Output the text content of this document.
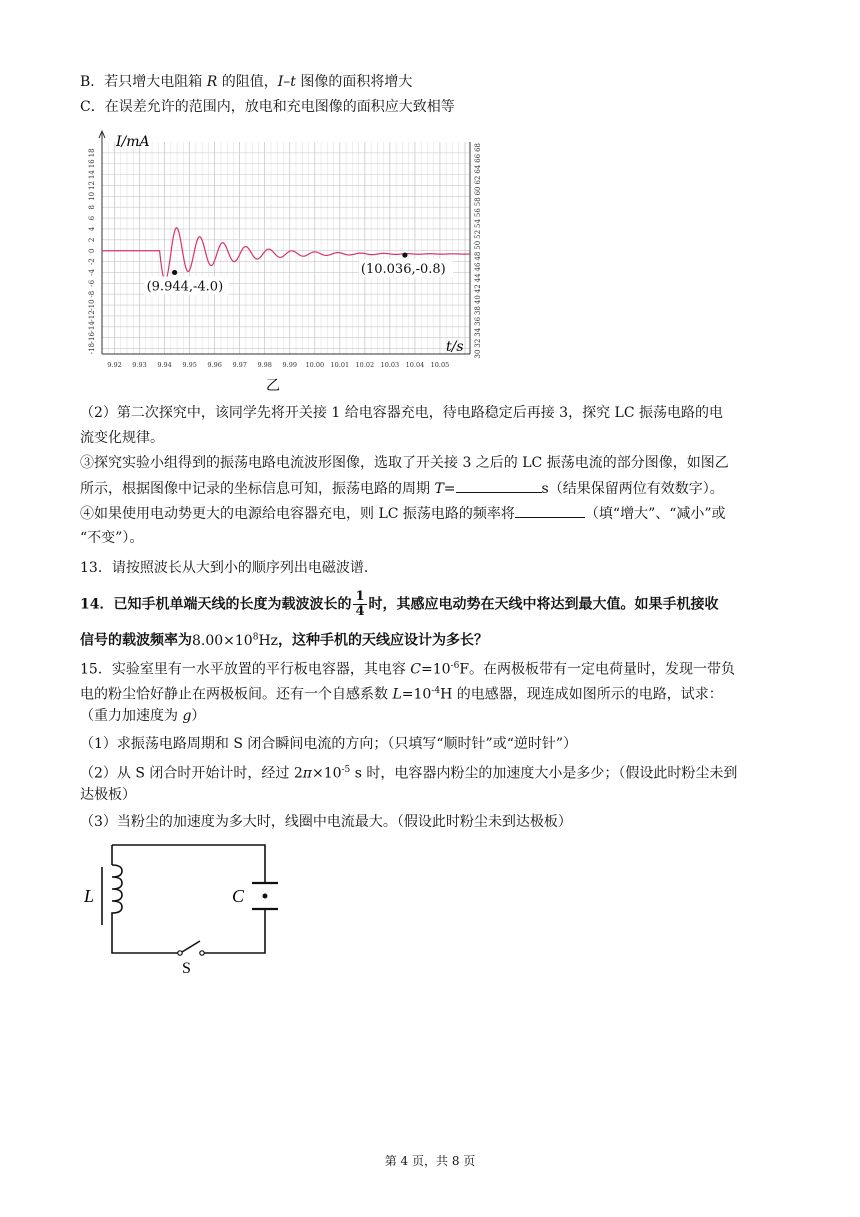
B．若只增大电阻箱 R 的阻值，I–t 图像的面积将增大
C．在误差允许的范围内，放电和充电图像的面积应大致相等
-18
-16
-14
-12
-10
-8
-6
-4
-2
0
2
4
6
8
10
12
14
16
18
30
32
34
36
38
40
42
44
46
48
50
52
54
56
58
60
62
64
66
68
9.92 9.93 9.94 9.95 9.96 9.97 9.98 9.99 10.00 10.01 10.02 10.03 10.04 10.05
(9.944,-4.0)
(10.036,-0.8)
I/mA
t/s
乙
（2）第二次探究中，该同学先将开关接 1 给电容器充电，待电路稳定后再接 3，探究 LC 振荡电路的电
流变化规律。
③探究实验小组得到的振荡电路电流波形图像，选取了开关接 3 之后的 LC 振荡电流的部分图像，如图乙
所示，根据图像中记录的坐标信息可知，振荡电路的周期 T=	s（结果保留两位有效数字）。
④如果使用电动势更大的电源给电容器充电，则 LC 振荡电路的频率将	（填“增大”、“减小”或
“不变”）。
13．请按照波长从大到小的顺序列出电磁波谱.
14．已知手机单端天线的长度为载波波长的 $\frac{1}{4}$ 时，其感应电动势在天线中将达到最大值。如果手机接收
信号的载波频率为$8.00\times 10^8Hz$，这种手机的天线应设计为多长？
15．实验室里有一水平放置的平行板电容器，其电容 $C=10^{-6}F$。在两极板带有一定电荷量时，发现一带负
电的粉尘恰好静止在两极板间。还有一个自感系数 $L=10^{-4}H$ 的电感器，现连成如图所示的电路，试求：
（重力加速度为 g）
（1）求振荡电路周期和 S 闭合瞬间电流的方向；（只填写“顺时针”或“逆时针”）
（2）从 S 闭合时开始计时，经过 $2\pi\times 10^{-5}$ s 时，电容器内粉尘的加速度大小是多少；（假设此时粉尘未到
达极板）
（3）当粉尘的加速度为多大时，线圈中电流最大。（假设此时粉尘未到达极板）
L	C
S
第 4 页，共 8 页
